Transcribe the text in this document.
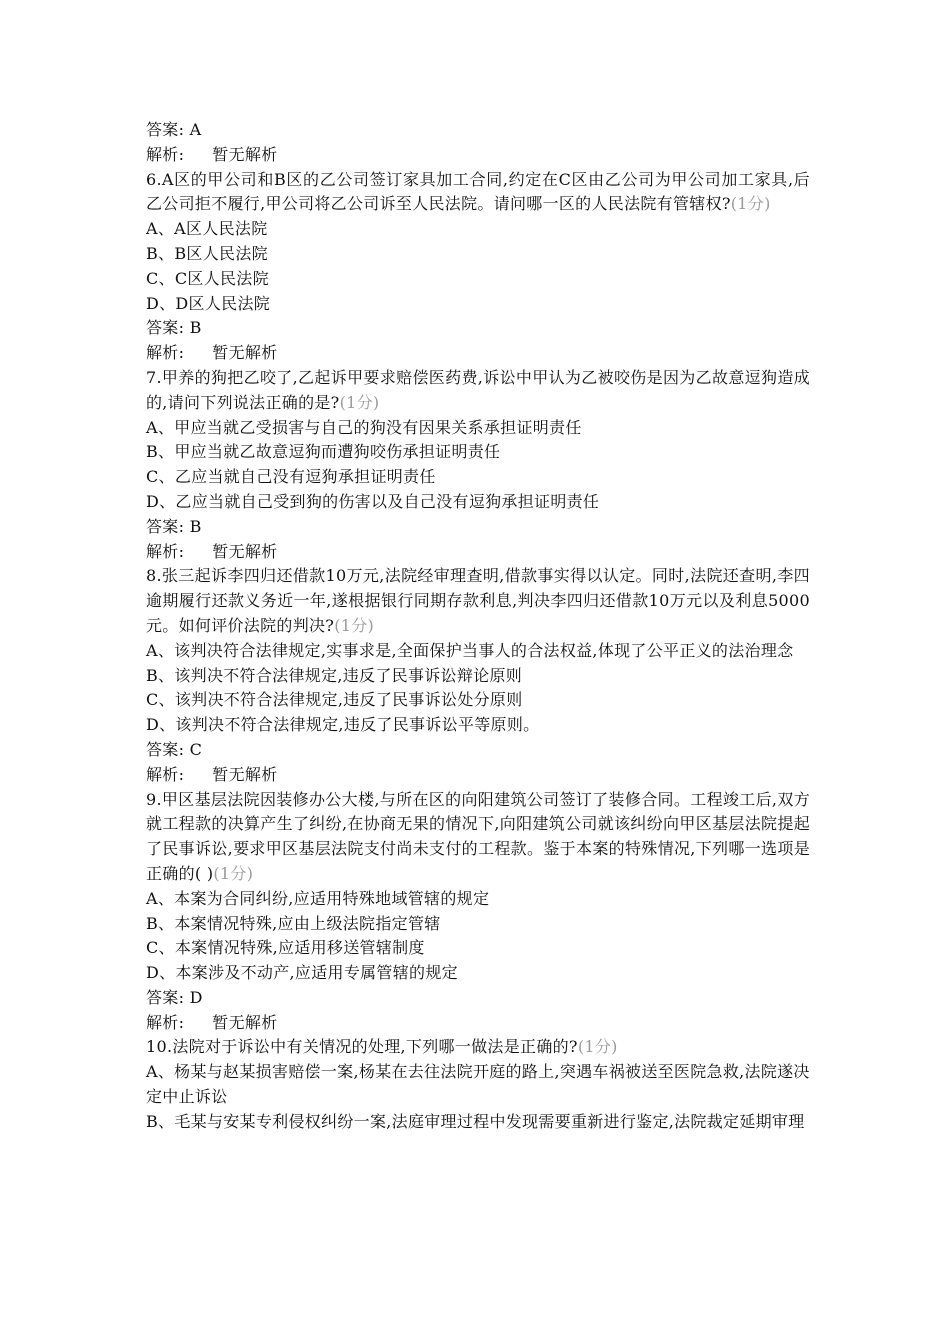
答案: A
解析: 暂无解析
6.A区的甲公司和B区的乙公司签订家具加工合同,约定在C区由乙公司为甲公司加工家具,后乙公司拒不履行,甲公司将乙公司诉至人民法院。请问哪一区的人民法院有管辖权?(1分)
A、A区人民法院
B、B区人民法院
C、C区人民法院
D、D区人民法院
答案: B
解析: 暂无解析
7.甲养的狗把乙咬了,乙起诉甲要求赔偿医药费,诉讼中甲认为乙被咬伤是因为乙故意逗狗造成的,请问下列说法正确的是?(1分)
A、甲应当就乙受损害与自己的狗没有因果关系承担证明责任
B、甲应当就乙故意逗狗而遭狗咬伤承担证明责任
C、乙应当就自己没有逗狗承担证明责任
D、乙应当就自己受到狗的伤害以及自己没有逗狗承担证明责任
答案: B
解析: 暂无解析
8.张三起诉李四归还借款10万元,法院经审理查明,借款事实得以认定。同时,法院还查明,李四逾期履行还款义务近一年,遂根据银行同期存款利息,判决李四归还借款10万元以及利息5000元。如何评价法院的判决?(1分)
A、该判决符合法律规定,实事求是,全面保护当事人的合法权益,体现了公平正义的法治理念
B、该判决不符合法律规定,违反了民事诉讼辩论原则
C、该判决不符合法律规定,违反了民事诉讼处分原则
D、该判决不符合法律规定,违反了民事诉讼平等原则。
答案: C
解析: 暂无解析
9.甲区基层法院因装修办公大楼,与所在区的向阳建筑公司签订了装修合同。工程竣工后,双方就工程款的决算产生了纠纷,在协商无果的情况下,向阳建筑公司就该纠纷向甲区基层法院提起了民事诉讼,要求甲区基层法院支付尚未支付的工程款。鉴于本案的特殊情况,下列哪一选项是正确的( )(1分)
A、本案为合同纠纷,应适用特殊地域管辖的规定
B、本案情况特殊,应由上级法院指定管辖
C、本案情况特殊,应适用移送管辖制度
D、本案涉及不动产,应适用专属管辖的规定
答案: D
解析: 暂无解析
10.法院对于诉讼中有关情况的处理,下列哪一做法是正确的?(1分)
A、杨某与赵某损害赔偿一案,杨某在去往法院开庭的路上,突遇车祸被送至医院急救,法院遂决定中止诉讼
B、毛某与安某专利侵权纠纷一案,法庭审理过程中发现需要重新进行鉴定,法院裁定延期审理
